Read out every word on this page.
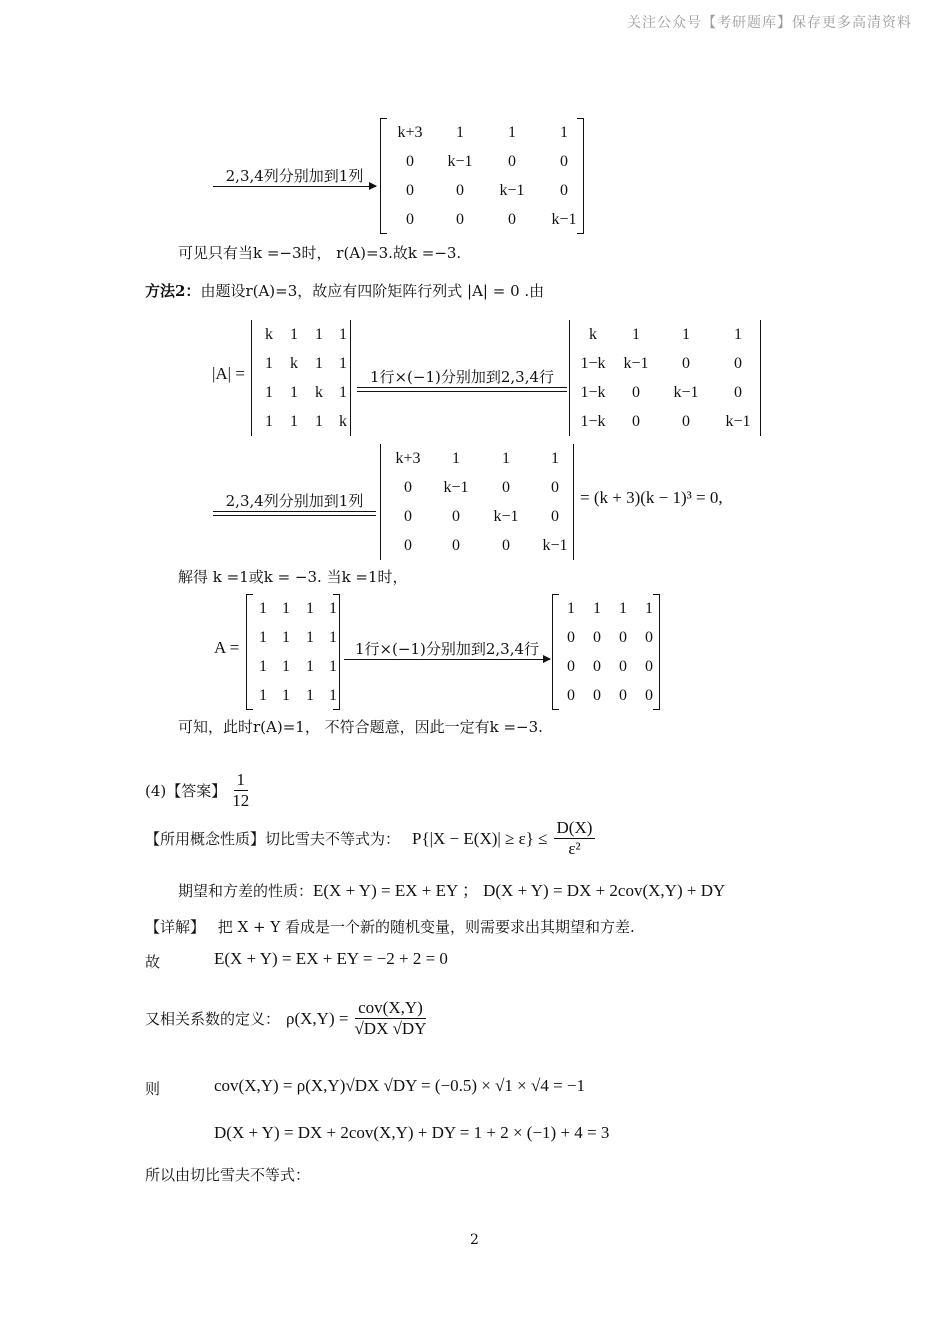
关注公众号【考研题库】保存更多高清资料
2,3,4列分别加到1列
k+3	1	1	1
0	k−1	0	0
0	0	k−1	0
0	0	0	k−1
可见只有当k =−3时， r(A)=3.故k =−3.
方法2：由题设r(A)=3，故应有四阶矩阵行列式 |A| = 0 .由
|A| =
k	1	1	1
1	k	1	1
1	1	k	1
1	1	1	k
1行×(−1)分别加到2,3,4行
k	1	1	1
1−k	k−1	0	0
1−k	0	k−1	0
1−k	0	0	k−1
2,3,4列分别加到1列
k+3	1	1	1
0	k−1	0	0
0	0	k−1	0
0	0	0	k−1
= (k + 3)(k − 1)³ = 0,
解得 k =1或k = −3. 当k =1时，
A =
1 1	1 1
1 1	1 1
1 1	1 1
1 1	1 1
1行×(−1)分别加到2,3,4行
1	1	1	1
0	0	0	0
0	0	0	0
0	0	0	0
可知，此时r(A)=1， 不符合题意，因此一定有k =−3.
(4)【答案】 $\frac{1}{12}$
【所用概念性质】切比雪夫不等式为： $P\{|X - E(X)| \ge \varepsilon\} \le \frac{D(X)}{\text{ε²}}$
期望和方差的性质： E(X + Y) = EX + EY ； D(X + Y) = DX + 2cov(X,Y) + DY
【详解】 把 X + Y 看成是一个新的随机变量，则需要求出其期望和方差.
故	E(X + Y) = EX + EY = −2 + 2 = 0
又相关系数的定义： $\rho(X,Y) = \frac{\text{cov(X,Y)}}{√DX √DY}$
则	cov(X,Y) = ρ(X,Y)√DX √DY = (−0.5) × √1 × √4 = −1
D(X + Y) = DX + 2cov(X,Y) + DY = 1 + 2 × (−1) + 4 = 3
所以由切比雪夫不等式：
2
